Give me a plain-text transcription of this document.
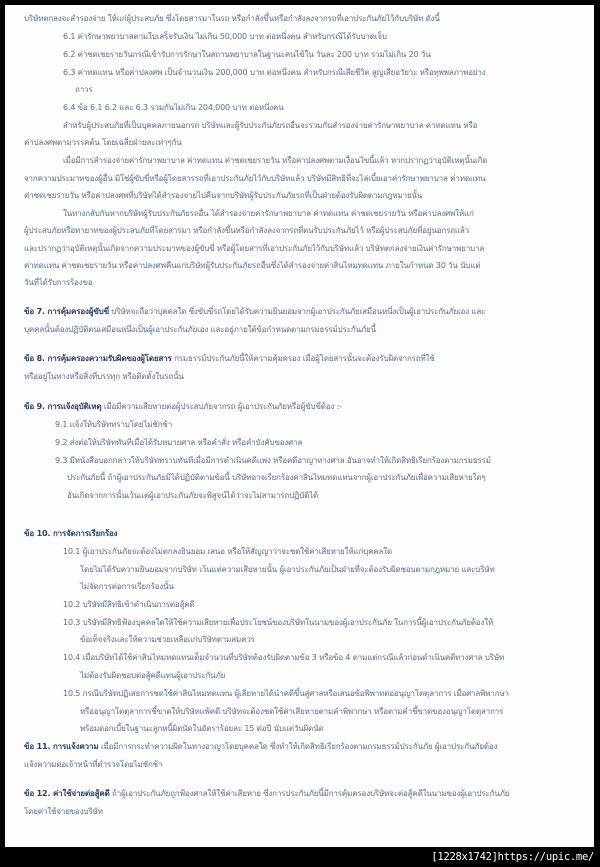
บริษัทตกลงจะสำรองจ่าย ให้แก่ผู้ประสบภัย ซึ่งโดยสารมาในรถ หรือกำลังขึ้นหรือกำลังลงจากรถที่เอาประกันภัยไว้กับบริษัท ดังนี้
6.1 ค่ารักษาพยาบาลตามใบเสร็จรับเงิน ไม่เกิน 50,000 บาท ต่อหนึ่งคน สำหรับกรณีได้รับบาดเจ็บ
6.2 ค่าชดเชยรายวันกรณีเข้ารับการรักษาในสถานพยาบาลในฐานะคนไข้ใน วันละ 200 บาท รวมไม่เกิน 20 วัน
6.3 ค่าทดแทน หรือค่าปลงศพ เป็นจำนวนเงิน 200,000 บาท ต่อหนึ่งคน สำหรับกรณีเสียชีวิต สูญเสียอวัยวะ หรือทุพพลภาพอย่าง
ถาวร
6.4 ข้อ 6.1 6.2 และ 6.3 รวมกันไม่เกิน 204,000 บาท ต่อหนึ่งคน
สำหรับผู้ประสบภัยที่เป็นบุคคลภายนอกรถ บริษัทและผู้รับประกันภัยรถอื่นจะร่วมกันสำรองจ่ายค่ารักษาพยาบาล ค่าทดแทน หรือ
ค่าปลงศพตามวรรคต้น โดยเฉลี่ยฝ่ายละเท่าๆกัน
เมื่อมีการสำรองจ่ายค่ารักษาพยาบาล ค่าทดแทน ค่าชดเชยรายวัน หรือค่าปลงศพตามเงื่อนไขนี้แล้ว หากปรากฏว่าอุบัติเหตุนั้นเกิด
จากความประมาทของผู้อื่น มิใช่ผู้ขับขี่หรือผู้โดยสารรถที่เอาประกันภัยไว้กับบริษัทแล้ว บริษัทมีสิทธิที่จะไล่เบี้ยเอาค่ารักษาพยาบาล ค่าทดแทน
ค่าชดเชยรายวัน หรือค่าปลงศพที่บริษัทได้สำรองจ่ายไปคืนจากบริษัทผู้รับประกันภัยรถที่เป็นฝ่ายต้องรับผิดตามกฎหมายนั้น
ในทางกลับกันหากบริษัทผู้รับประกันภัยรถอื่น ได้สำรองจ่ายค่ารักษาพยาบาล ค่าทดแทน ค่าชดเชยรายวัน หรือค่าปลงศพให้แก่
ผู้ประสบภัยหรือทายาทของผู้ประสบภัยที่โดยสารมา หรือกำลังขึ้นหรือกำลังลงจากรถที่ตนรับประกันภัยไว้ หรือผู้ประสบภัยที่อยู่นอกรถแล้ว
และปรากฏว่าอุบัติเหตุนั้นเกิดจากความประมาทของผู้ขับขี่ หรือผู้โดยสารที่เอาประกันภัยไว้กับบริษัทแล้ว บริษัทตกลงจ่ายเงินค่ารักษาพยาบาล
ค่าทดแทน ค่าชดเชยรายวัน หรือค่าปลงศพคืนแก่บริษัทผู้รับประกันภัยรถอื่นซึ่งได้สำรองจ่ายค่าสินไหมทดแทน ภายในกำหนด 30 วัน นับแต่
วันที่ได้รับการร้องขอ
ข้อ 7. การคุ้มครองผู้ขับขี่ บริษัทจะถือว่าบุคคลใด ซึ่งขับขี่รถโดยได้รับความยินยอมจากผู้เอาประกันภัยเสมือนหนึ่งเป็นผู้เอาประกันภัยเอง และ
บุคคลนั้นต้องปฏิบัติตนเสมือนหนึ่งเป็นผู้เอาประกันภัยเอง และอยู่ภายใต้ข้อกำหนดตามกรมธรรม์ประกันภัยนี้
ข้อ 8. การคุ้มครองความรับผิดของผู้โดยสาร กรมธรรม์ประกันภัยนี้ให้ความคุ้มครอง เมื่อผู้โดยสารนั้นจะต้องรับผิดจากรถที่ใช้
หรืออยู่ในทางหรือสิ่งที่บรรทุก หรือติดตั้งในรถนั้น
ข้อ 9. การแจ้งอุบัติเหตุ เมื่อมีความเสียหายต่อผู้ประสบภัยจากรถ ผู้เอาประกันภัยหรือผู้ขับขี่ต้อง :-
9.1 แจ้งให้บริษัททราบโดยไม่ชักช้า
9.2 ส่งต่อให้บริษัททันทีเมื่อได้รับหมายศาล หรือคำสั่ง หรือคำบังคับของศาล
9.3 มีหนังสือบอกกล่าวให้บริษัททราบทันทีเมื่อมีการดำเนินคดีแพ่ง หรือคดีอาญาทางศาล อันอาจทำให้เกิดสิทธิเรียกร้องตามกรมธรรม์
ประกันภัยนี้ ถ้าผู้เอาประกันภัยมิได้ปฏิบัติตามข้อนี้ บริษัทอาจเรียกร้องค่าสินไหมทดแทนจากผู้เอาประกันภัยเพื่อความเสียหายใดๆ
อันเกิดจากการนั้นเว้นแต่ผู้เอาประกันภัยจะพิสูจน์ได้ว่าจะไม่สามารถปฏิบัติได้
ข้อ 10. การจัดการเรียกร้อง
10.1 ผู้เอาประกันภัยจะต้องไม่ตกลงยินยอม เสนอ หรือให้สัญญาว่าจะชดใช้ค่าเสียหายให้แก่บุคคลใด
โดยไม่ได้รับความยินยอมจากบริษัท เว้นแต่ความเสียหายนั้น ผู้เอาประกันภัยเป็นฝ่ายที่จะต้องรับผิดชอบตามกฎหมาย และบริษัท
ไม่จัดการต่อการเรียกร้องนั้น
10.2 บริษัทมีสิทธิเข้าดำเนินการต่อสู้คดี
10.3 บริษัทมีสิทธิฟ้องบุคคลใดให้ใช้ความเสียหายเพื่อประโยชน์ของบริษัทในนามของผู้เอาประกันภัย ในการนี้ผู้เอาประกันภัยต้องให้
ข้อเท็จจริงและให้ความช่วยเหลือแก่บริษัทตามสมควร
10.4 เมื่อบริษัทได้ใช้ค่าสินไหมทดแทนเต็มจำนวนที่บริษัทต้องรับผิดตามข้อ 3 หรือข้อ 4 ตามแต่กรณีแล้วก่อนดำเนินคดีทางศาล บริษัท
ไม่ต้องรับผิดชอบต่อสู้คดีแทนผู้เอาประกันภัย
10.5 กรณีบริษัทปฏิเสธการชดใช้ค่าสินไหมทดแทน ผู้เสียหายได้นำคดีขึ้นสู่ศาลหรือเสนอข้อพิพาทต่ออนุญาโตตุลาการ เมื่อศาลพิพากษา
หรืออนุญาโตตุลาการชี้ขาดให้บริษัทแพ้คดี บริษัทจะต้องชดใช้ค่าเสียหายตามคำพิพากษา หรือตามคำชี้ขาดของอนุญาโตตุลาการ
พร้อมดอกเบี้ยในฐานะลูกหนี้ผิดนัดในอัตราร้อยละ 15 ต่อปี นับแต่วันผิดนัด
ข้อ 11. การแจ้งความ เมื่อมีการกระทำความผิดในทางอาญาโดยบุคคลใด ซึ่งทำให้เกิดสิทธิเรียกร้องตามกรมธรรม์ประกันภัย ผู้เอาประกันภัยต้อง
แจ้งความต่อเจ้าหน้าที่ตำรวจโดยไม่ชักช้า
ข้อ 12. ค่าใช้จ่ายต่อสู้คดี ถ้าผู้เอาประกันภัยถูกฟ้องศาลให้ใช้ค่าเสียหาย ซึ่งการประกันภัยนี้มีการคุ้มครองบริษัทจะต่อสู้คดีในนามของผู้เอาประกันภัย
โดยค่าใช้จ่ายของบริษัท
[1228x1742]https://upic.me/
